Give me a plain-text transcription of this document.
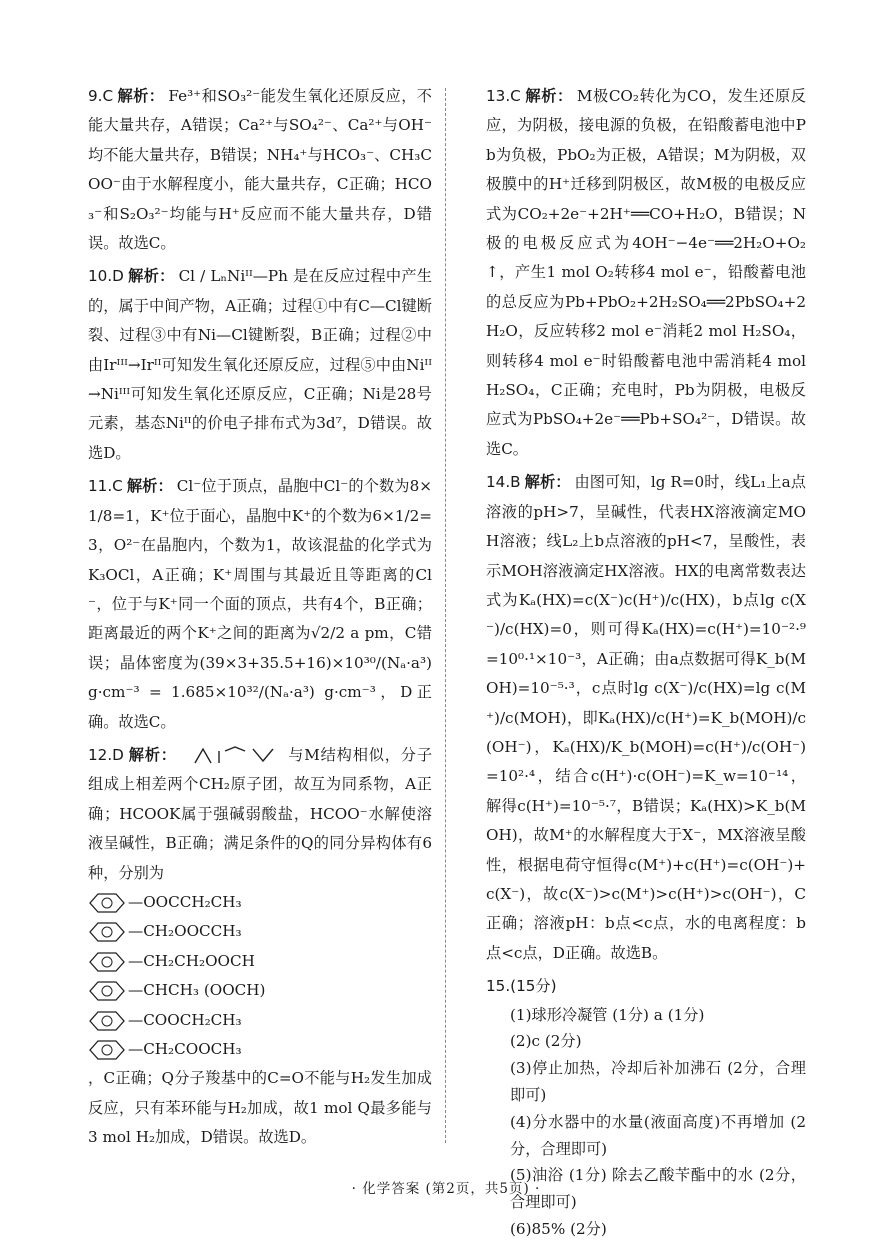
9.C 解析： Fe³⁺和SO₃²⁻能发生氧化还原反应，不能大量共存，A错误；Ca²⁺与SO₄²⁻、Ca²⁺与OH⁻均不能大量共存，B错误；NH₄⁺与HCO₃⁻、CH₃COO⁻由于水解程度小，能大量共存，C正确；HCO₃⁻和S₂O₃²⁻均能与H⁺反应而不能大量共存，D错误。故选C。
10.D 解析： Cl / LₙNiᴵᴵ—Ph 是在反应过程中产生的，属于中间产物，A正确；过程①中有C—Cl键断裂、过程③中有Ni—Cl键断裂，B正确；过程②中由Irᴵᴵᴵ→Irᴵᴵ可知发生氧化还原反应，过程⑤中由Niᴵᴵ→Niᴵᴵᴵ可知发生氧化还原反应，C正确；Ni是28号元素，基态Niᴵᴵ的价电子排布式为3d⁷，D错误。故选D。
11.C 解析： Cl⁻位于顶点，晶胞中Cl⁻的个数为8×1/8=1，K⁺位于面心，晶胞中K⁺的个数为6×1/2=3，O²⁻在晶胞内，个数为1，故该混盐的化学式为K₃OCl，A正确；K⁺周围与其最近且等距离的Cl⁻，位于与K⁺同一个面的顶点，共有4个，B正确；距离最近的两个K⁺之间的距离为√2/2 a pm，C错误；晶体密度为(39×3+35.5+16)×10³⁰/(Nₐ·a³) g·cm⁻³ = 1.685×10³²/(Nₐ·a³) g·cm⁻³，D正确。故选C。
12.D 解析：	与M结构相似，分子组成上相差两个CH₂原子团，故互为同系物，A正确；HCOOK属于强碱弱酸盐，HCOO⁻水解使溶液呈碱性，B正确；满足条件的Q的同分异构体有6种，分别为
—OOCCH₂CH₃
—CH₂OOCCH₃
—CH₂CH₂OOCH
—CHCH₃ (OOCH)
—COOCH₂CH₃
—CH₂COOCH₃
，C正确；Q分子羧基中的C=O不能与H₂发生加成反应，只有苯环能与H₂加成，故1 mol Q最多能与3 mol H₂加成，D错误。故选D。
13.C 解析： M极CO₂转化为CO，发生还原反应，为阴极，接电源的负极，在铅酸蓄电池中Pb为负极，PbO₂为正极，A错误；M为阴极，双极膜中的H⁺迁移到阴极区，故M极的电极反应式为CO₂+2e⁻+2H⁺══CO+H₂O，B错误；N极的电极反应式为4OH⁻−4e⁻══2H₂O+O₂↑，产生1 mol O₂转移4 mol e⁻，铅酸蓄电池的总反应为Pb+PbO₂+2H₂SO₄══2PbSO₄+2H₂O，反应转移2 mol e⁻消耗2 mol H₂SO₄，则转移4 mol e⁻时铅酸蓄电池中需消耗4 mol H₂SO₄，C正确；充电时，Pb为阴极，电极反应式为PbSO₄+2e⁻══Pb+SO₄²⁻，D错误。故选C。
14.B 解析： 由图可知，lg R=0时，线L₁上a点溶液的pH>7，呈碱性，代表HX溶液滴定MOH溶液；线L₂上b点溶液的pH<7，呈酸性，表示MOH溶液滴定HX溶液。HX的电离常数表达式为Kₐ(HX)=c(X⁻)c(H⁺)/c(HX)，b点lg c(X⁻)/c(HX)=0，则可得Kₐ(HX)=c(H⁺)=10⁻²·⁹=10⁰·¹×10⁻³，A正确；由a点数据可得K_b(MOH)=10⁻⁵·³，c点时lg c(X⁻)/c(HX)=lg c(M⁺)/c(MOH)，即Kₐ(HX)/c(H⁺)=K_b(MOH)/c(OH⁻)，Kₐ(HX)/K_b(MOH)=c(H⁺)/c(OH⁻)=10²·⁴，结合c(H⁺)·c(OH⁻)=K_w=10⁻¹⁴，解得c(H⁺)=10⁻⁵·⁷，B错误；Kₐ(HX)>K_b(MOH)，故M⁺的水解程度大于X⁻，MX溶液呈酸性，根据电荷守恒得c(M⁺)+c(H⁺)=c(OH⁻)+c(X⁻)，故c(X⁻)>c(M⁺)>c(H⁺)>c(OH⁻)，C正确；溶液pH：b点<c点，水的电离程度：b点<c点，D正确。故选B。
15.(15分)
(1)球形冷凝管 (1分) a (1分)
(2)c (2分)
(3)停止加热，冷却后补加沸石 (2分，合理即可)
(4)分水器中的水量(液面高度)不再增加 (2分，合理即可)
(5)油浴 (1分) 除去乙酸苄酯中的水 (2分，合理即可)
(6)85% (2分)
· 化学答案 (第2页，共5页) ·
